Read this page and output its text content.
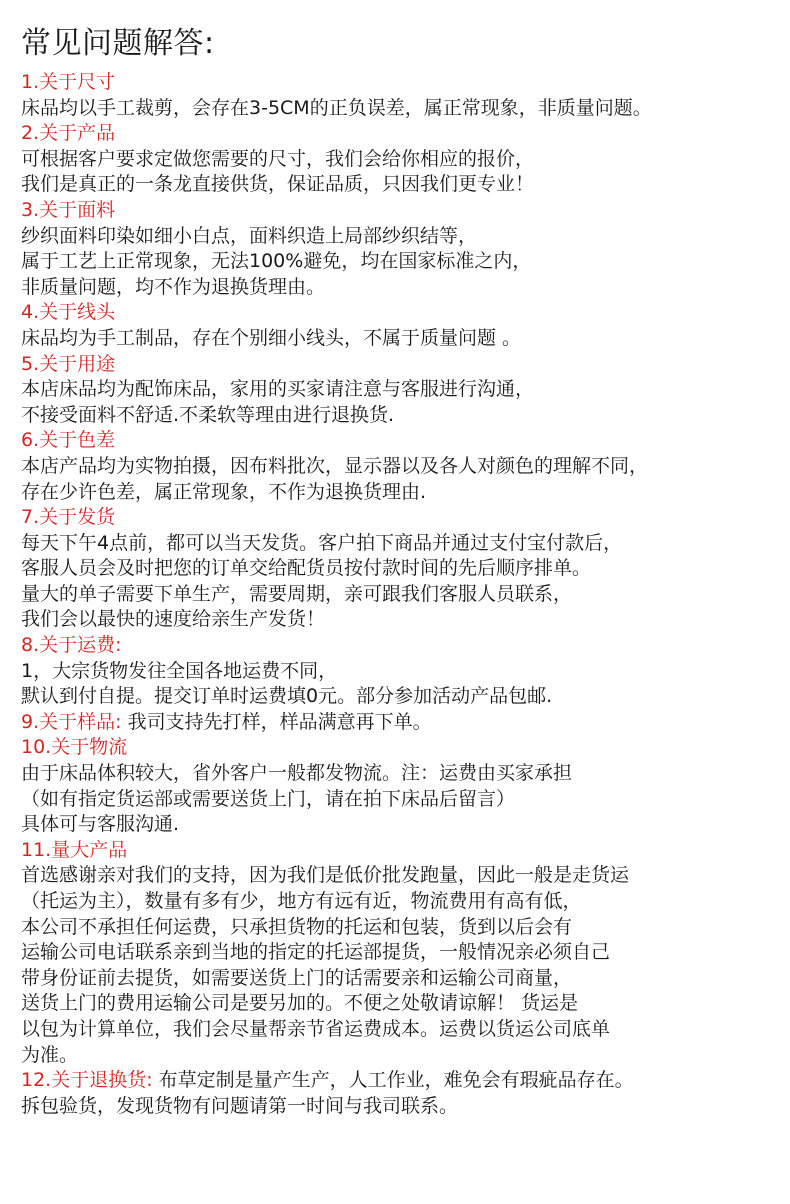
常见问题解答:
1.关于尺寸
床品均以手工裁剪，会存在3-5CM的正负误差，属正常现象，非质量问题。
2.关于产品
可根据客户要求定做您需要的尺寸，我们会给你相应的报价，
我们是真正的一条龙直接供货，保证品质，只因我们更专业！
3.关于面料
纱织面料印染如细小白点，面料织造上局部纱织结等，
属于工艺上正常现象，无法100%避免，均在国家标准之内，
非质量问题，均不作为退换货理由。
4.关于线头
床品均为手工制品，存在个别细小线头，不属于质量问题 。
5.关于用途
本店床品均为配饰床品，家用的买家请注意与客服进行沟通，
不接受面料不舒适.不柔软等理由进行退换货.
6.关于色差
本店产品均为实物拍摄，因布料批次，显示器以及各人对颜色的理解不同，
存在少许色差，属正常现象，不作为退换货理由.
7.关于发货
每天下午4点前，都可以当天发货。客户拍下商品并通过支付宝付款后，
客服人员会及时把您的订单交给配货员按付款时间的先后顺序排单。
量大的单子需要下单生产，需要周期，亲可跟我们客服人员联系，
我们会以最快的速度给亲生产发货！
8.关于运费:
1，大宗货物发往全国各地运费不同，
默认到付自提。提交订单时运费填0元。部分参加活动产品包邮.
9.关于样品: 我司支持先打样，样品满意再下单。
10.关于物流
由于床品体积较大，省外客户一般都发物流。注：运费由买家承担
（如有指定货运部或需要送货上门，请在拍下床品后留言）
具体可与客服沟通.
11.量大产品
首选感谢亲对我们的支持，因为我们是低价批发跑量，因此一般是走货运
（托运为主），数量有多有少，地方有远有近，物流费用有高有低，
本公司不承担任何运费，只承担货物的托运和包装，货到以后会有
运输公司电话联系亲到当地的指定的托运部提货，一般情况亲必须自己
带身份证前去提货，如需要送货上门的话需要亲和运输公司商量，
送货上门的费用运输公司是要另加的。不便之处敬请谅解！ 货运是
以包为计算单位，我们会尽量帮亲节省运费成本。运费以货运公司底单
为准。
12.关于退换货: 布草定制是量产生产，人工作业，难免会有瑕疵品存在。
拆包验货，发现货物有问题请第一时间与我司联系。
